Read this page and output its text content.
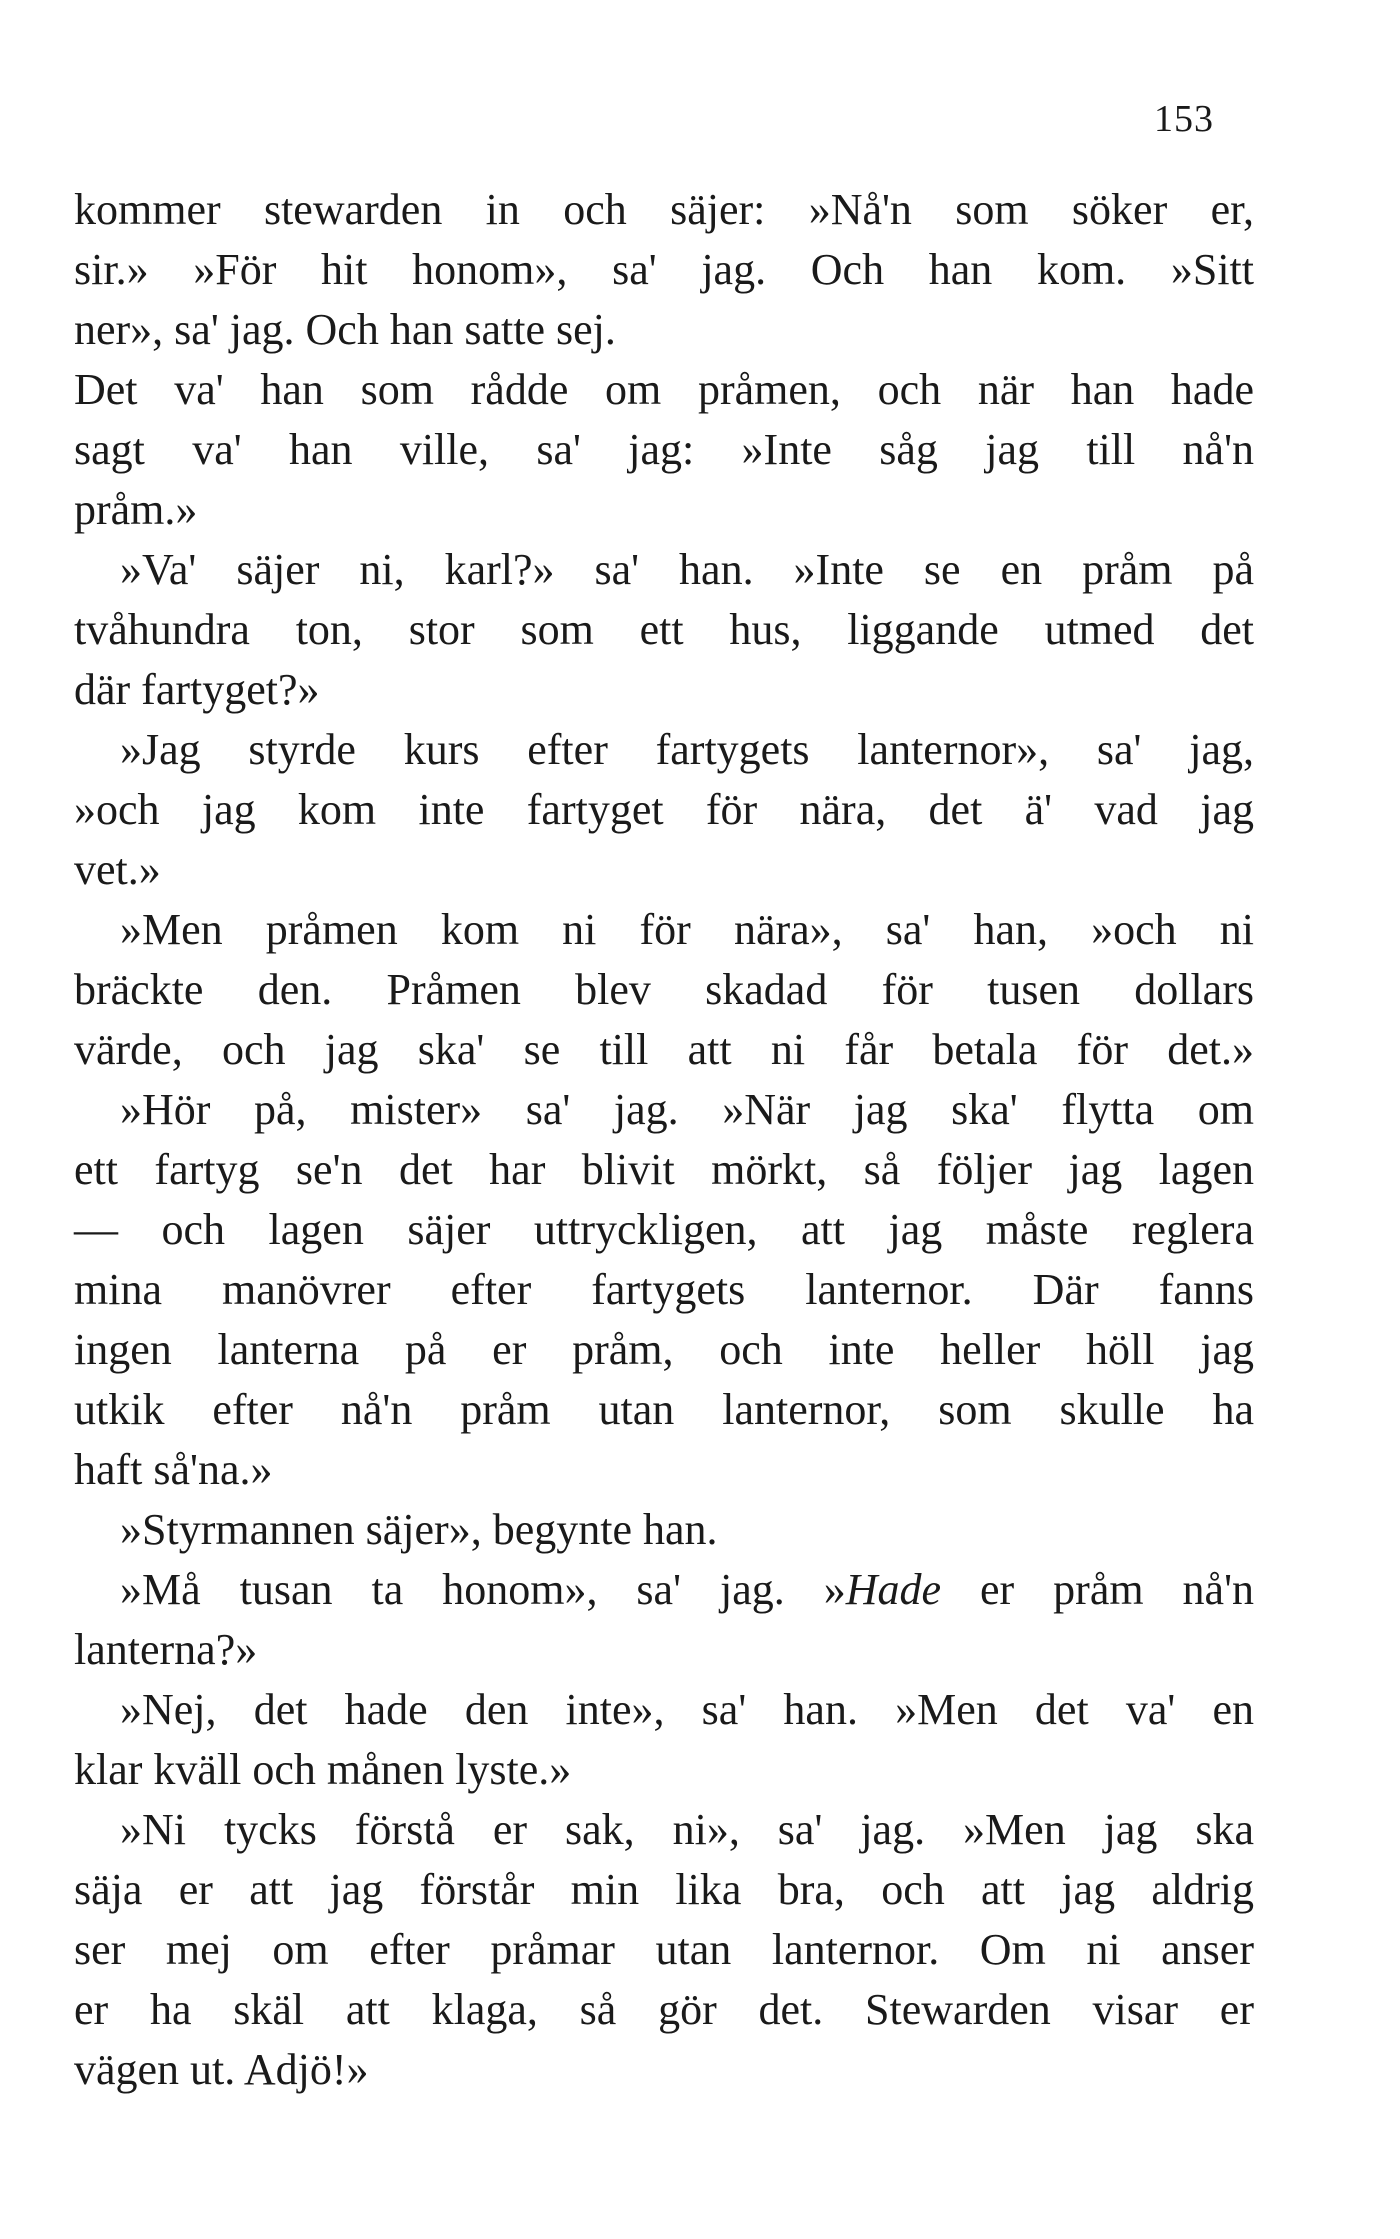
153
kommer stewarden in och säjer: »Nå'n som söker er,
sir.» »För hit honom», sa' jag. Och han kom. »Sitt
ner», sa' jag. Och han satte sej.
Det va' han som rådde om pråmen, och när han hade
sagt va' han ville, sa' jag: »Inte såg jag till nå'n
pråm.»
»Va' säjer ni, karl?» sa' han. »Inte se en pråm på
tvåhundra ton, stor som ett hus, liggande utmed det
där fartyget?»
»Jag styrde kurs efter fartygets lanternor», sa' jag,
»och jag kom inte fartyget för nära, det ä' vad jag
vet.»
»Men pråmen kom ni för nära», sa' han, »och ni
bräckte den. Pråmen blev skadad för tusen dollars
värde, och jag ska' se till att ni får betala för det.»
»Hör på, mister» sa' jag. »När jag ska' flytta om
ett fartyg se'n det har blivit mörkt, så följer jag lagen
— och lagen säjer uttryckligen, att jag måste reglera
mina manövrer efter fartygets lanternor. Där fanns
ingen lanterna på er pråm, och inte heller höll jag
utkik efter nå'n pråm utan lanternor, som skulle ha
haft så'na.»
»Styrmannen säjer», begynte han.
»Må tusan ta honom», sa' jag. »Hade er pråm nå'n
lanterna?»
»Nej, det hade den inte», sa' han. »Men det va' en
klar kväll och månen lyste.»
»Ni tycks förstå er sak, ni», sa' jag. »Men jag ska
säja er att jag förstår min lika bra, och att jag aldrig
ser mej om efter pråmar utan lanternor. Om ni anser
er ha skäl att klaga, så gör det. Stewarden visar er
vägen ut. Adjö!»
